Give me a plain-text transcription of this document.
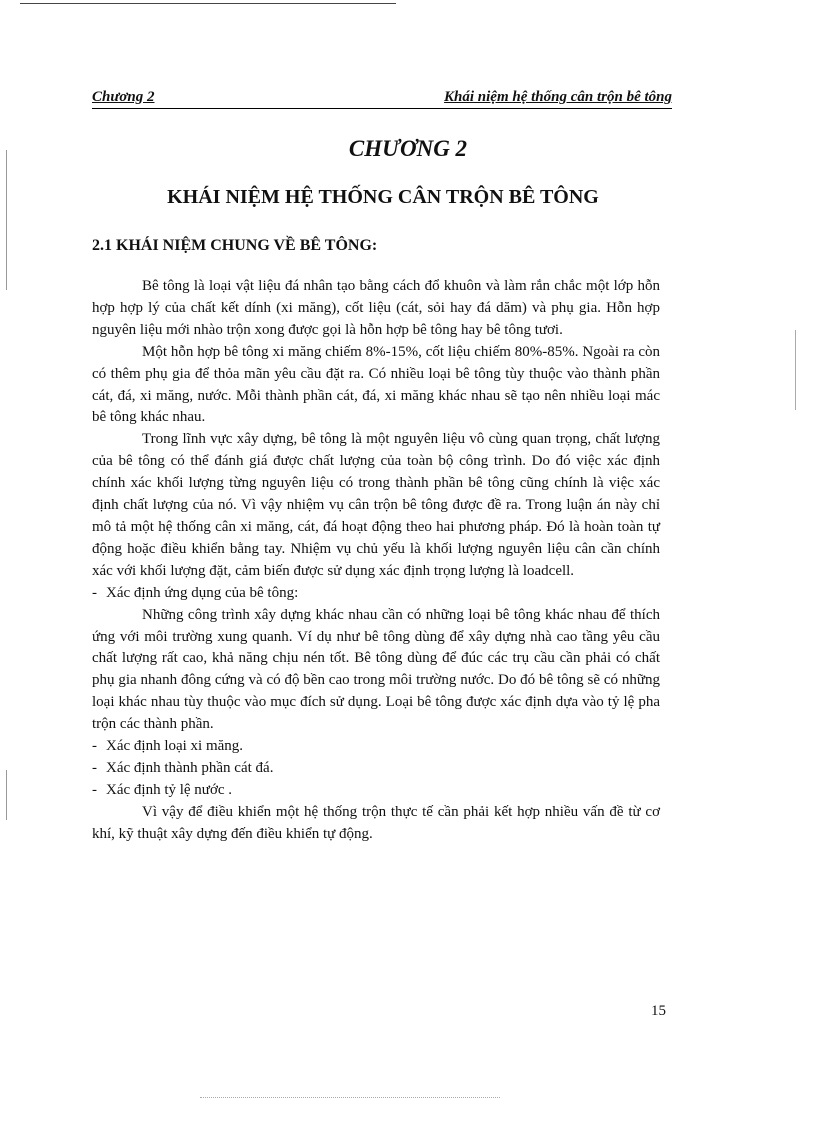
Chương 2	Khái niệm hệ thống cân trộn bê tông
CHƯƠNG 2
KHÁI NIỆM HỆ THỐNG CÂN TRỘN BÊ TÔNG
2.1 KHÁI NIỆM CHUNG VỀ BÊ TÔNG:

Bê tông là loại vật liệu đá nhân tạo bằng cách đổ khuôn và làm rắn chắc một lớp hỗn hợp hợp lý của chất kết dính (xi măng), cốt liệu (cát, sỏi hay đá dăm) và phụ gia. Hỗn hợp nguyên liệu mới nhào trộn xong được gọi là hỗn hợp bê tông hay bê tông tươi.

Một hỗn hợp bê tông xi măng chiếm 8%-15%, cốt liệu chiếm 80%-85%. Ngoài ra còn có thêm phụ gia để thỏa mãn yêu cầu đặt ra. Có nhiều loại bê tông tùy thuộc vào thành phần cát, đá, xi măng, nước. Mỗi thành phần cát, đá, xi măng khác nhau sẽ tạo nên nhiều loại mác bê tông khác nhau.

Trong lĩnh vực xây dựng, bê tông là một nguyên liệu vô cùng quan trọng, chất lượng của bê tông có thể đánh giá được chất lượng của toàn bộ công trình. Do đó việc xác định chính xác khối lượng từng nguyên liệu có trong thành phần bê tông cũng chính là việc xác định chất lượng của nó. Vì vậy nhiệm vụ cân trộn bê tông được đề ra. Trong luận án này chỉ mô tả một hệ thống cân xi măng, cát, đá hoạt động theo hai phương pháp. Đó là hoàn toàn tự động hoặc điều khiển bằng tay. Nhiệm vụ chủ yếu là khối lượng nguyên liệu cân cần chính xác với khối lượng đặt, cảm biến được sử dụng xác định trọng lượng là loadcell.

- Xác định ứng dụng của bê tông:

Những công trình xây dựng khác nhau cần có những loại bê tông khác nhau để thích ứng với môi trường xung quanh. Ví dụ như bê tông dùng để xây dựng nhà cao tầng yêu cầu chất lượng rất cao, khả năng chịu nén tốt. Bê tông dùng để đúc các trụ cầu cần phải có chất phụ gia nhanh đông cứng và có độ bền cao trong môi trường nước. Do đó bê tông sẽ có những loại khác nhau tùy thuộc vào mục đích sử dụng. Loại bê tông được xác định dựa vào tỷ lệ pha trộn các thành phần.

- Xác định loại xi măng.

- Xác định thành phần cát đá.

- Xác định tỷ lệ nước .

Vì vậy để điều khiển một hệ thống trộn thực tế cần phải kết hợp nhiều vấn đề từ cơ khí, kỹ thuật xây dựng đến điều khiển tự động.

15
